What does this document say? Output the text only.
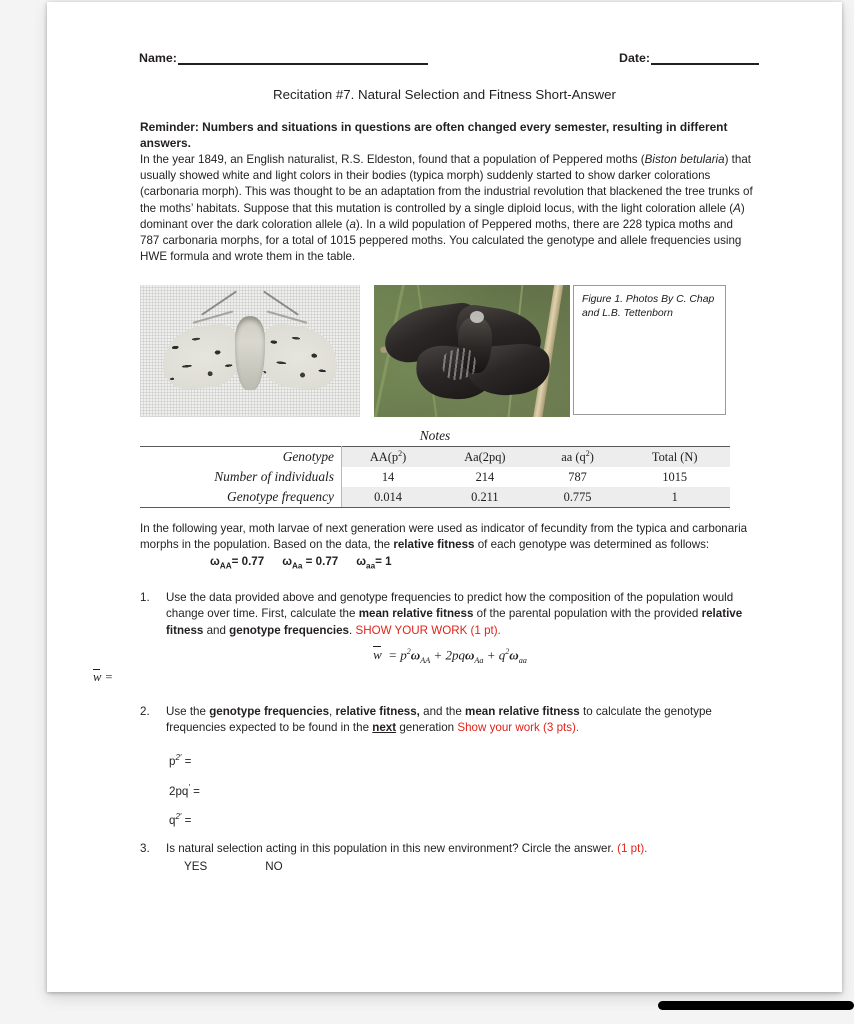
Name:	Date:
Recitation #7. Natural Selection and Fitness Short-Answer
Reminder: Numbers and situations in questions are often changed every semester, resulting in different answers.
In the year 1849, an English naturalist, R.S. Eldeston, found that a population of Peppered moths (Biston betularia) that usually showed white and light colors in their bodies (typica morph) suddenly started to show darker colorations (carbonaria morph). This was thought to be an adaptation from the industrial revolution that blackened the tree trunks of the moths’ habitats. Suppose that this mutation is controlled by a single diploid locus, with the light coloration allele (A) dominant over the dark coloration allele (a). In a wild population of Peppered moths, there are 228 typica moths and 787 carbonaria morphs, for a total of 1015 peppered moths. You calculated the genotype and allele frequencies using HWE formula and wrote them in the table.
Figure 1. Photos By C. Chap and L.B. Tettenborn
Notes
Genotype	$AA(p^2)$	Aa(2pq)	aa $(q^2)$	Total (N)
Number of individuals	14	214	787	1015
Genotype frequency	0.014	0.211	0.775	1
In the following year, moth larvae of next generation were used as indicator of fecundity from the typica and carbonaria morphs in the population. Based on the data, the relative fitness of each genotype was determined as $follows:\omega_{AA}= 0.77$ $\omega_{Aa} = 0.77$ $\omega_{aa}= 1$
1.	Use the data provided above and genotype frequencies to predict how the composition of the population would change over time. First, calculate the mean relative fitness of the parental population with the provided relative fitness and genotype frequencies. SHOW YOUR WORK (1 pt).
$w = p^2\omega_{AA} + 2pq\omega_{Aa} + q^2\omega_{aa}$
w =
2.	Use the genotype frequencies, relative fitness, and the mean relative fitness to calculate the genotype frequencies expected to be found in the next generation Show your work (3 pts).
$p^{2'}$ =
2pq′ =
$q^{2'}$ =
3.	Is natural selection acting in this population in this new environment? Circle the answer. (1 pt).
YES	NO
